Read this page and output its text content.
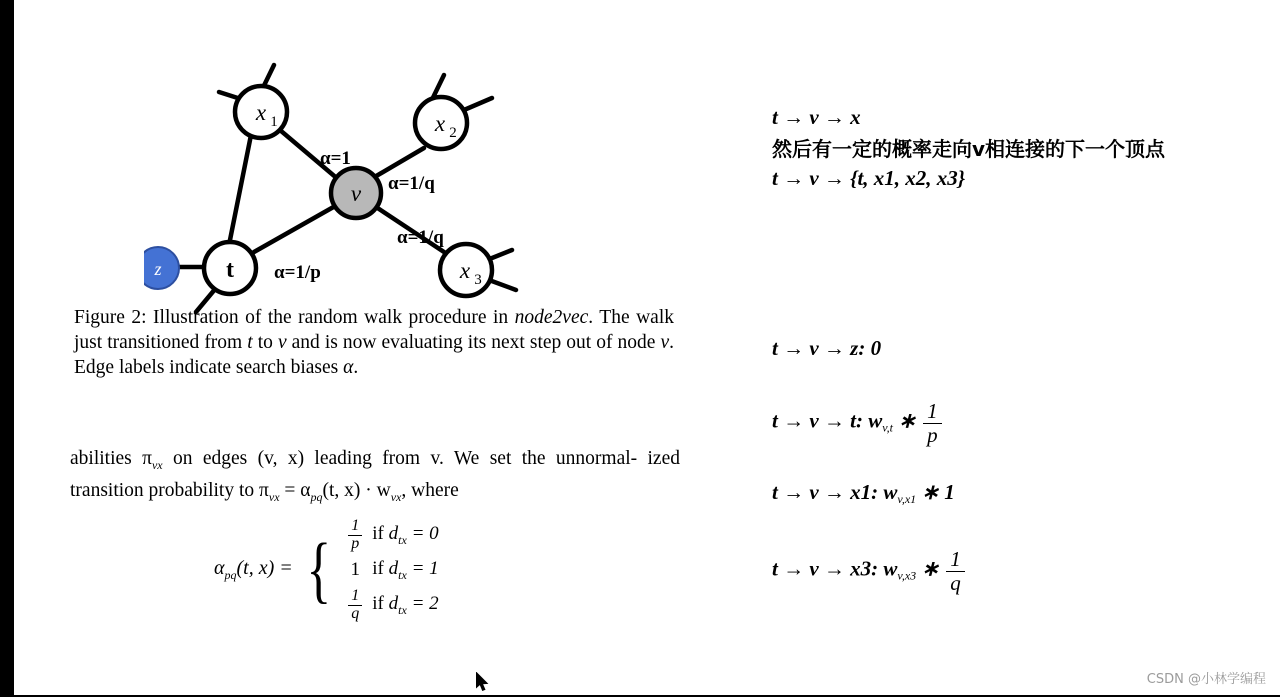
x 1	x 2
x 3
v
t
z
α=1
α=1/q
α=1/q
α=1/p
Figure 2: Illustration of the random walk procedure in node2vec. The walk just transitioned from t to v and is now evaluating its next step out of node v. Edge labels indicate search biases α.
abilities $\pi_{vx}$ on edges (v, x) leading from v. We set the unnormal- ized transition probability to $\pi_{vx} = \alpha_{pq}(t$, $x) \cdot w_{vx}$, where
$\alpha_{pq}(t$, x) = { $\frac{1}{p}$ if $d_{tx} = 0$
1 if $d_{tx} = 1$
$\frac{1}{q}$ if $d_{tx} = 2$
t → v → x
然后有一定的概率走向v相连接的下一个顶点
t → v → {t, x1, x2, x3}
t → v → z: 0
t → v → t: $w_{v,t}$ ∗ $\frac{1}{p}$
t → v → x1: $w_{v,x1}$ ∗ 1
t → v → x3: $w_{v,x3}$ ∗ $\frac{1}{q}$
CSDN @小林学编程
